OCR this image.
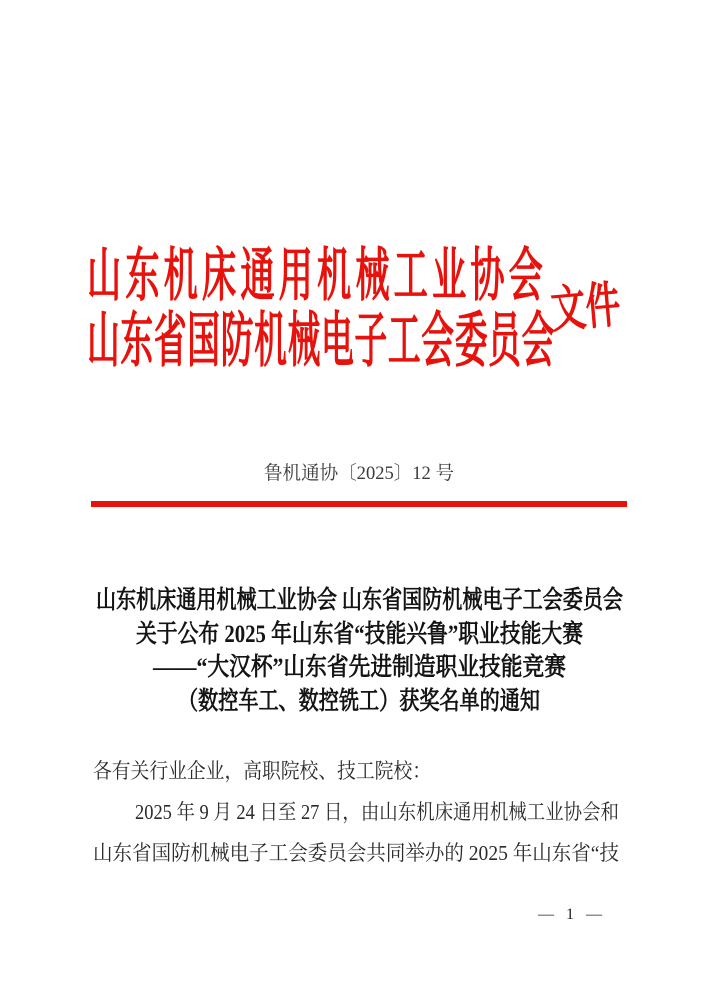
山东机床通用机械工业协会
山东省国防机械电子工会委员会
文件
鲁机通协〔2025〕12 号
山东机床通用机械工业协会 山东省国防机械电子工会委员会
关于公布 2025 年山东省“技能兴鲁”职业技能大赛
——“大汉杯”山东省先进制造职业技能竞赛
（数控车工、数控铣工）获奖名单的通知
各有关行业企业，高职院校、技工院校：
2025 年 9 月 24 日至 27 日，由山东机床通用机械工业协会和
山东省国防机械电子工会委员会共同举办的 2025 年山东省“技
— 1 —
